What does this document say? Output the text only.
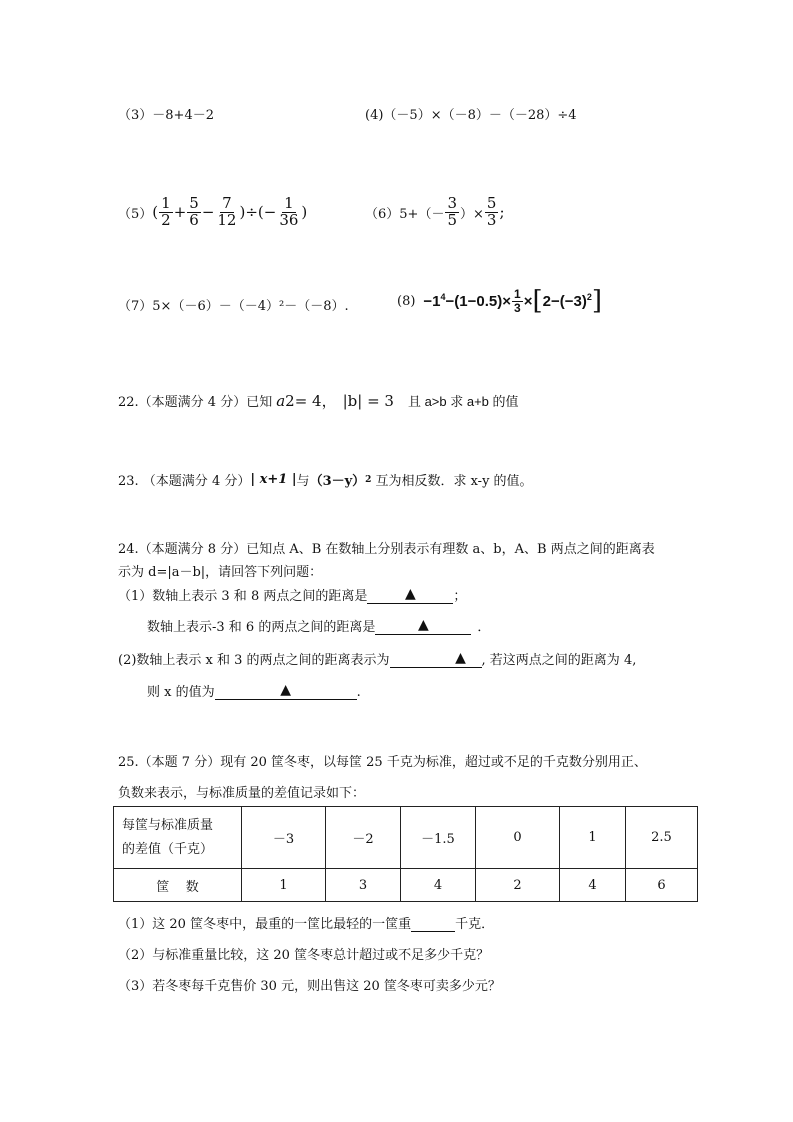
（3）－8+4－2	(4)（－5）×（－8）－（－28）÷4
（5） ( $\frac{1}{2} + \frac{5}{6} - \frac{7}{12}$ )÷(− $\frac{1}{36}$ )	（6） $5+(- \frac{3}{5}$ ）× $\frac{5}{3}$ ;
（7）5×（－6）－（－4）²－（－8）.	$(8) -1^4 -(1-0.5)\times \frac{1}{3}$ × [ $2-(-3)^2$ ]
22.（本题满分 4 分）已知 a 2 = 4， |b| = 3 且 a>b 求 a+b 的值
23. （本题满分 4 分） | x+1 | 与 （3－y） 2 互为相反数．求 x-y 的值。
24.（本题满分 8 分）已知点 A、B 在数轴上分别表示有理数 a、b，A、B 两点之间的距离表
示为 d=|a－b|，请回答下列问题：
（1）数轴上表示 3 和 8 两点之间的距离是	▲	；
数轴上表示-3 和 6 的两点之间的距离是	▲	．
(2)数轴上表示 x 和 3 的两点之间的距离表示为	▲ , 若这两点之间的距离为 4,
则 x 的值为	▲	.
25.（本题 7 分）现有 20 筐冬枣，以每筐 25 千克为标准，超过或不足的千克数分别用正、
负数来表示，与标准质量的差值记录如下：
每筐与标准质量
的差值（千克）	－3	－2	－1.5	0	1	2.5
筐    数	1	3	4	2	4	6
（1）这 20 筐冬枣中，最重的一筐比最轻的一筐重	千克．
（2）与标准重量比较，这 20 筐冬枣总计超过或不足多少千克？
（3）若冬枣每千克售价 30 元，则出售这 20 筐冬枣可卖多少元？
